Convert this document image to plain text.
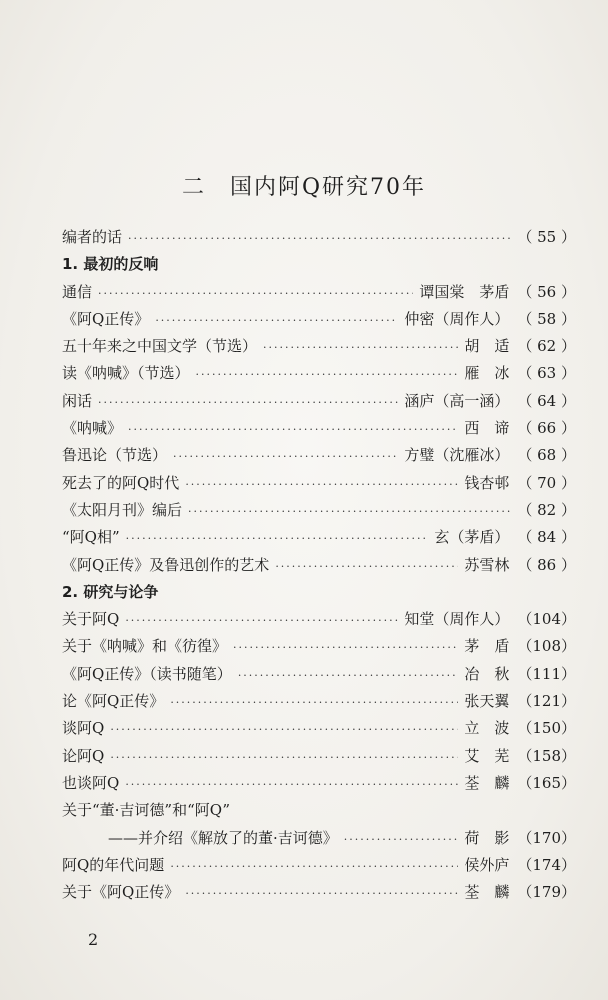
二　国内阿Q研究70年
编者的话 ·····	（ 55 ）
1. 最初的反响
通信 ·····	谭国棠　茅盾 （ 56 ）
《阿Q正传》 ·····	仲密（周作人） （ 58 ）
五十年来之中国文学（节选） ·····	胡　适 （ 62 ）
读《呐喊》（节选） ·····	雁　冰 （ 63 ）
闲话 ·····	涵庐（高一涵） （ 64 ）
《呐喊》 ·····	西　谛 （ 66 ）
鲁迅论（节选） ·····	方璧（沈雁冰） （ 68 ）
死去了的阿Q时代 ·····	钱杏邨 （ 70 ）
《太阳月刊》编后 ·····	（ 82 ）
“阿Q相” ·····	玄（茅盾） （ 84 ）
《阿Q正传》及鲁迅创作的艺术 ·····	苏雪林 （ 86 ）
2. 研究与论争
关于阿Q ·····	知堂（周作人） （104）
关于《呐喊》和《彷徨》 ·····	茅　盾 （108）
《阿Q正传》（读书随笔） ·····	冶　秋 （111）
论《阿Q正传》 ·····	张天翼 （121）
谈阿Q ·····	立　波 （150）
论阿Q ·····	艾　芜 （158）
也谈阿Q ·····	荃　麟 （165）
关于“董·吉诃德”和“阿Q”
——并介绍《解放了的董·吉诃德》 ·····	荷　影 （170）
阿Q的年代问题 ·····	侯外庐 （174）
关于《阿Q正传》 ·····	荃　麟 （179）
2
